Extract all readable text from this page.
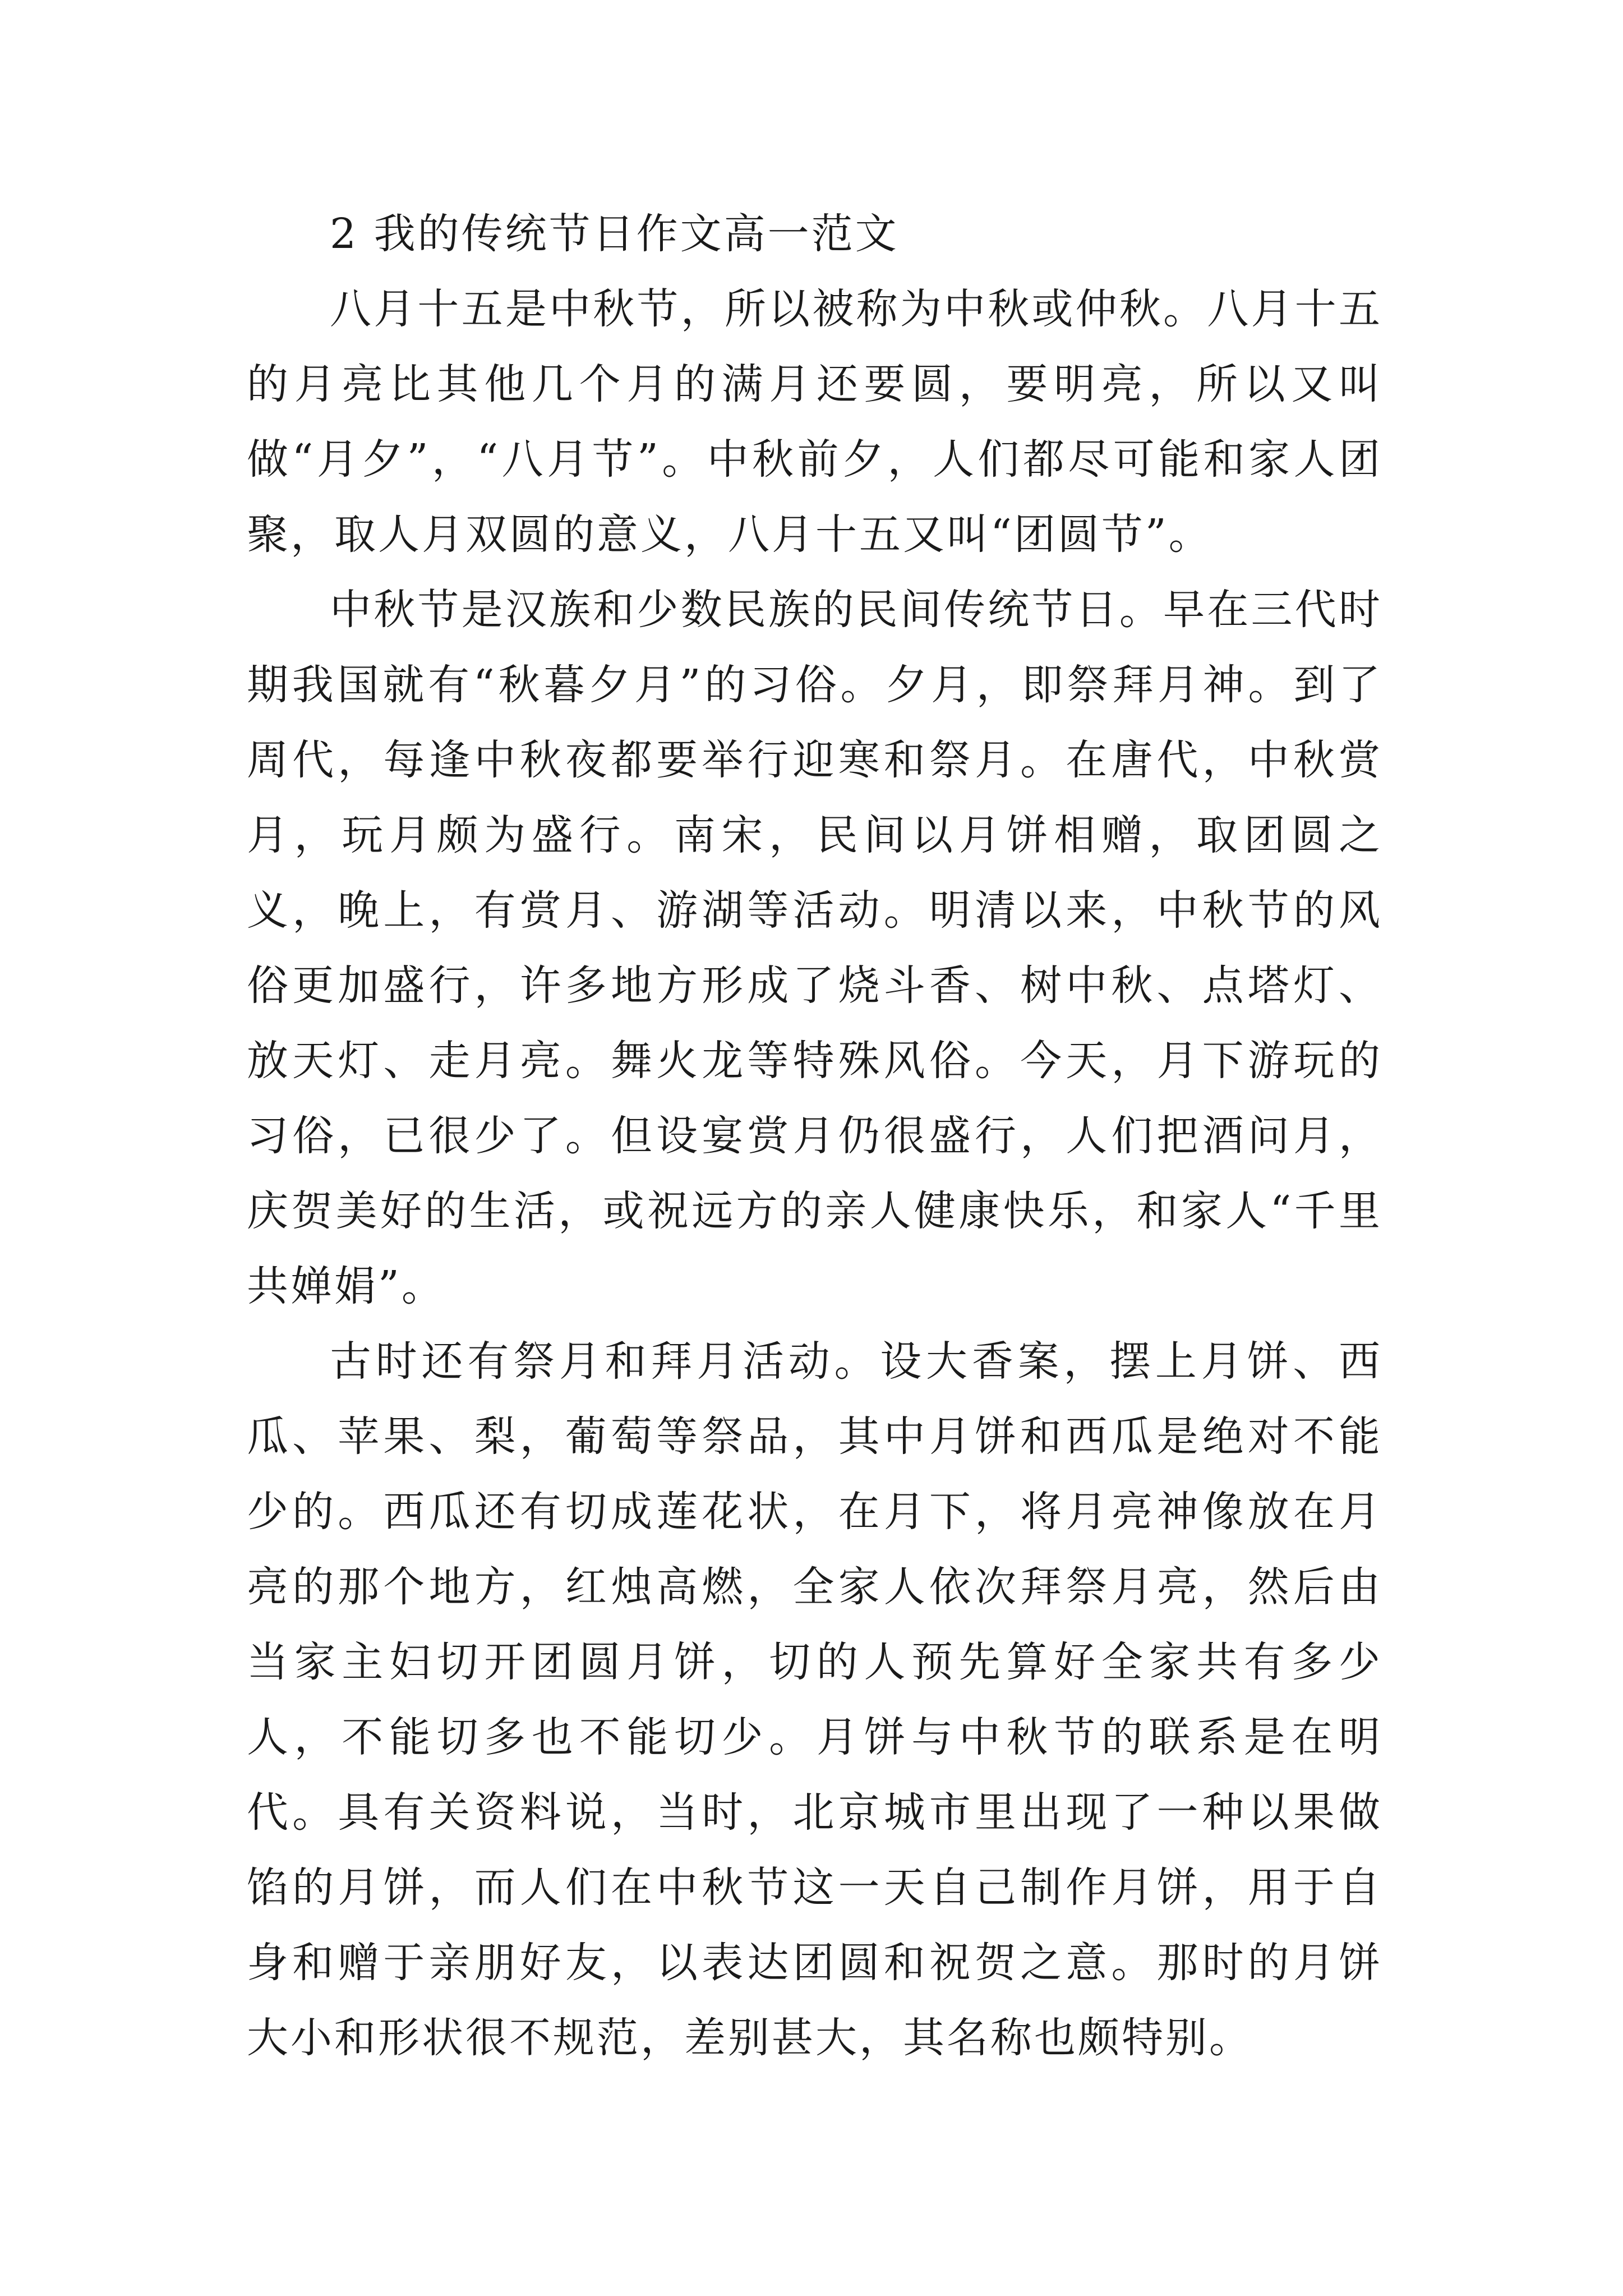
2 我的传统节日作文高一范文

八月十五是中秋节，所以被称为中秋或仲秋。八月十五的月亮比其他几个月的满月还要圆，要明亮，所以又叫做“月夕”，“八月节”。中秋前夕，人们都尽可能和家人团聚，取人月双圆的意义，八月十五又叫“团圆节”。

中秋节是汉族和少数民族的民间传统节日。早在三代时期我国就有“秋暮夕月”的习俗。夕月，即祭拜月神。到了周代，每逢中秋夜都要举行迎寒和祭月。在唐代，中秋赏月，玩月颇为盛行。南宋，民间以月饼相赠，取团圆之义，晚上，有赏月、游湖等活动。明清以来，中秋节的风俗更加盛行，许多地方形成了烧斗香、树中秋、点塔灯、放天灯、走月亮。舞火龙等特殊风俗。今天，月下游玩的习俗，已很少了。但设宴赏月仍很盛行，人们把酒问月，庆贺美好的生活，或祝远方的亲人健康快乐，和家人“千里共婵娟”。

古时还有祭月和拜月活动。设大香案，摆上月饼、西瓜、苹果、梨，葡萄等祭品，其中月饼和西瓜是绝对不能少的。西瓜还有切成莲花状，在月下，将月亮神像放在月亮的那个地方，红烛高燃，全家人依次拜祭月亮，然后由当家主妇切开团圆月饼，切的人预先算好全家共有多少人，不能切多也不能切少。月饼与中秋节的联系是在明代。具有关资料说，当时，北京城市里出现了一种以果做馅的月饼，而人们在中秋节这一天自己制作月饼，用于自身和赠于亲朋好友，以表达团圆和祝贺之意。那时的月饼大小和形状很不规范，差别甚大，其名称也颇特别。
